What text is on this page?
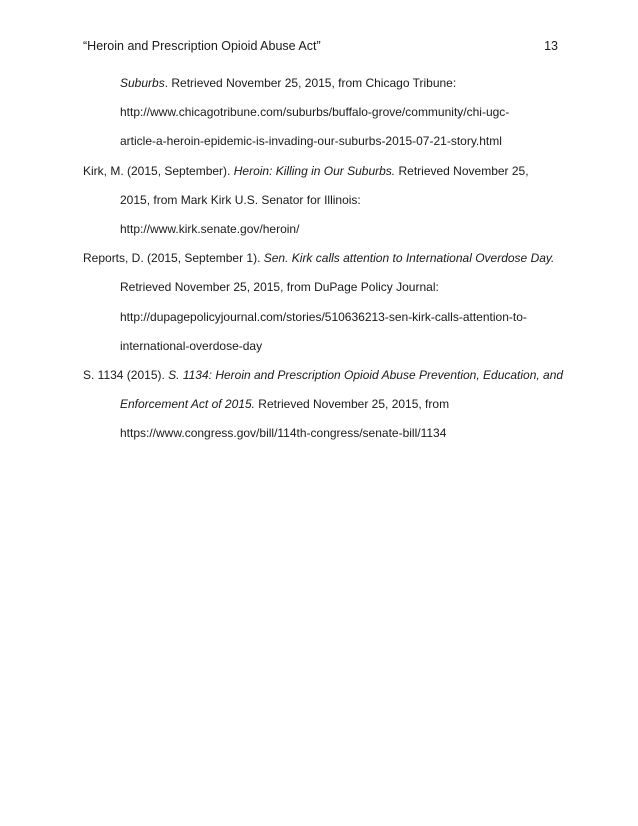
“Heroin and Prescription Opioid Abuse Act”	13
Suburbs. Retrieved November 25, 2015, from Chicago Tribune:
http://www.chicagotribune.com/suburbs/buffalo-grove/community/chi-ugc-
article-a-heroin-epidemic-is-invading-our-suburbs-2015-07-21-story.html
Kirk, M. (2015, September). Heroin: Killing in Our Suburbs. Retrieved November 25,
2015, from Mark Kirk U.S. Senator for Illinois:
http://www.kirk.senate.gov/heroin/
Reports, D. (2015, September 1). Sen. Kirk calls attention to International Overdose Day.
Retrieved November 25, 2015, from DuPage Policy Journal:
http://dupagepolicyjournal.com/stories/510636213-sen-kirk-calls-attention-to-
international-overdose-day
S. 1134 (2015). S. 1134: Heroin and Prescription Opioid Abuse Prevention, Education, and
Enforcement Act of 2015. Retrieved November 25, 2015, from
https://www.congress.gov/bill/114th-congress/senate-bill/1134
